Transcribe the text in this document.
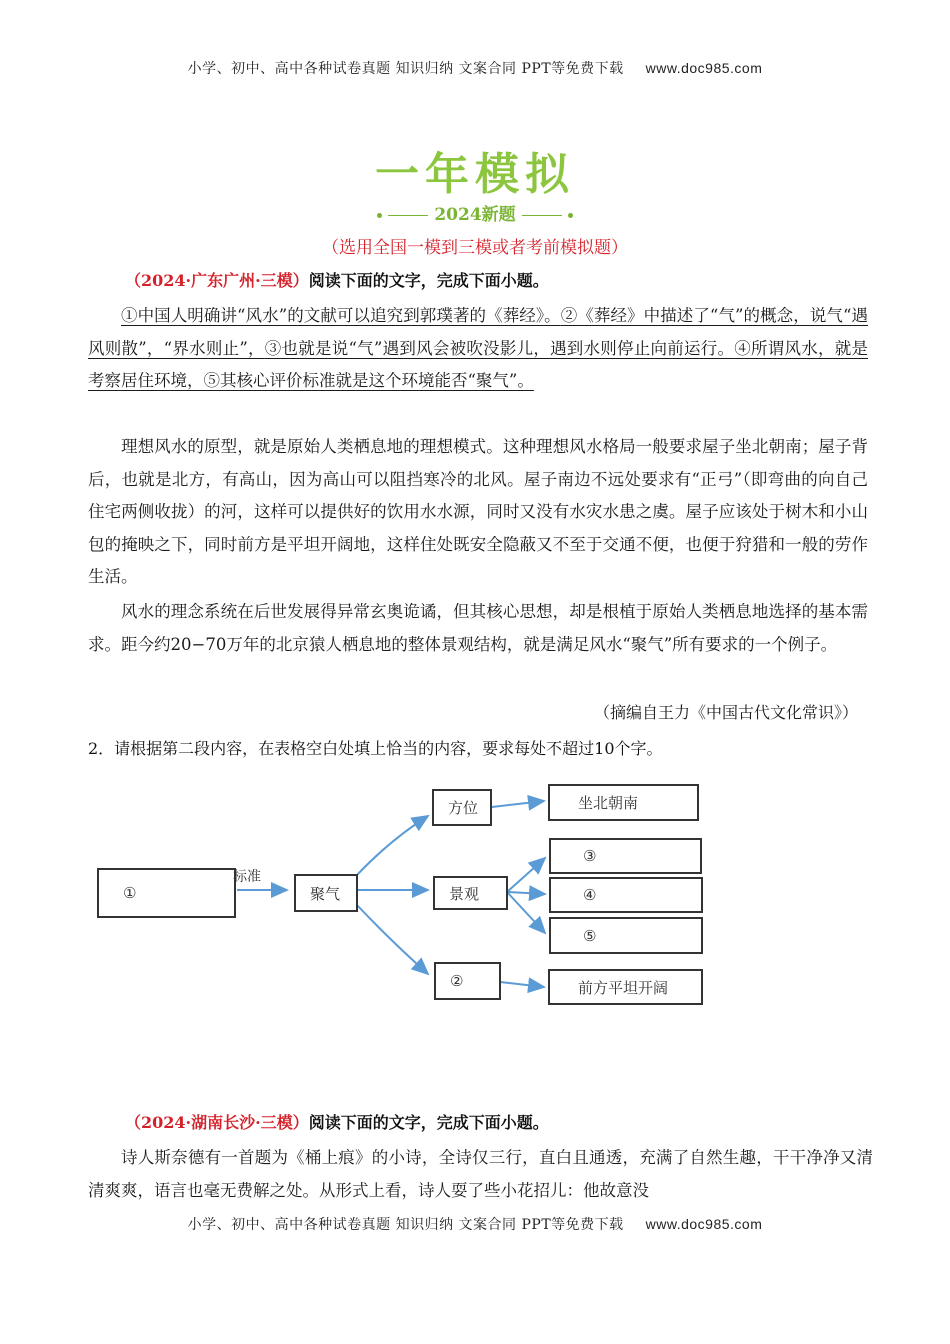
小学、初中、高中各种试卷真题 知识归纳 文案合同 PPT等免费下载 www.doc985.com
一年模拟
2024新题
（选用全国一模到三模或者考前模拟题）
（2024·广东广州·三模）阅读下面的文字，完成下面小题。
①中国人明确讲“风水”的文献可以追究到郭璞著的《葬经》。②《葬经》中描述了“气”的概念，说气“遇风则散”，“界水则止”，③也就是说“气”遇到风会被吹没影儿，遇到水则停止向前运行。④所谓风水，就是考察居住环境，⑤其核心评价标准就是这个环境能否“聚气”。
理想风水的原型，就是原始人类栖息地的理想模式。这种理想风水格局一般要求屋子坐北朝南；屋子背后，也就是北方，有高山，因为高山可以阻挡寒冷的北风。屋子南边不远处要求有“正弓”（即弯曲的向自己住宅两侧收拢）的河，这样可以提供好的饮用水水源，同时又没有水灾水患之虞。屋子应该处于树木和小山包的掩映之下，同时前方是平坦开阔地，这样住处既安全隐蔽又不至于交通不便，也便于狩猎和一般的劳作生活。
风水的理念系统在后世发展得异常玄奥诡谲，但其核心思想，却是根植于原始人类栖息地选择的基本需求。距今约20−70万年的北京猿人栖息地的整体景观结构，就是满足风水“聚气”所有要求的一个例子。
（摘编自王力《中国古代文化常识》）
2．请根据第二段内容，在表格空白处填上恰当的内容，要求每处不超过10个字。
①
标准
聚气
方位
景观
②
坐北朝南
③
④
⑤
前方平坦开阔
（2024·湖南长沙·三模）阅读下面的文字，完成下面小题。
诗人斯奈德有一首题为《桶上痕》的小诗，全诗仅三行，直白且通透，充满了自然生趣，干干净净又清清爽爽，语言也毫无费解之处。从形式上看，诗人耍了些小花招儿：他故意没
小学、初中、高中各种试卷真题 知识归纳 文案合同 PPT等免费下载 www.doc985.com
